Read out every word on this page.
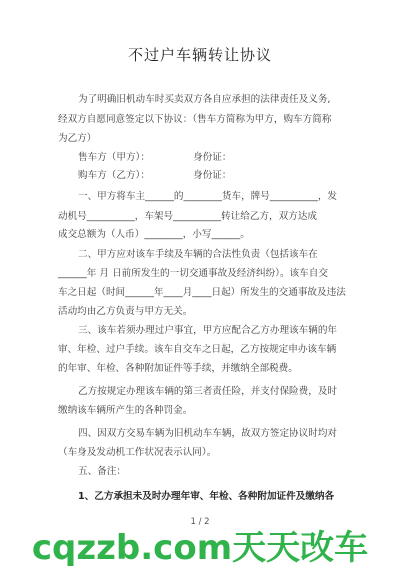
不过户车辆转让协议
为了明确旧机动车时买卖双方各自应承担的法律责任及义务,
经双方自愿同意签定以下协议：（售车方简称为甲方，购车方简称
为乙方）
售车方（甲方）：　　　　　身份证：
购车方（乙方）：　　　　　身份证：
一、甲方将车主______的________货车，牌号__________，发
动机号__________，车架号__________转让给乙方，双方达成
成交总额为（人币）________，小写______。
二、甲方应对该车手续及车辆的合法性负责（包括该车在
______年 月 日前所发生的一切交通事故及经济纠纷）。该车自交
车之日起（时间______年____月____日起）所发生的交通事故及违法
活动均由乙方负责与甲方无关。
三、该车若须办理过户事宜，甲方应配合乙方办理该车辆的年
审、年检、过户手续。该车自交车之日起，乙方按规定申办该车辆
的年审、年检、各种附加证件等手续，并缴纳全部税费。
乙方按规定办理该车辆的第三者责任险，并支付保险费，及时
缴纳该车辆所产生的各种罚金。
四、因双方交易车辆为旧机动车车辆，故双方签定协议时均对
（车身及发动机工作状况表示认同）。
五、备注：
1、乙方承担未及时办理年审、年检、各种附加证件及缴纳各
1 / 2
cqzzb.com天天改车
